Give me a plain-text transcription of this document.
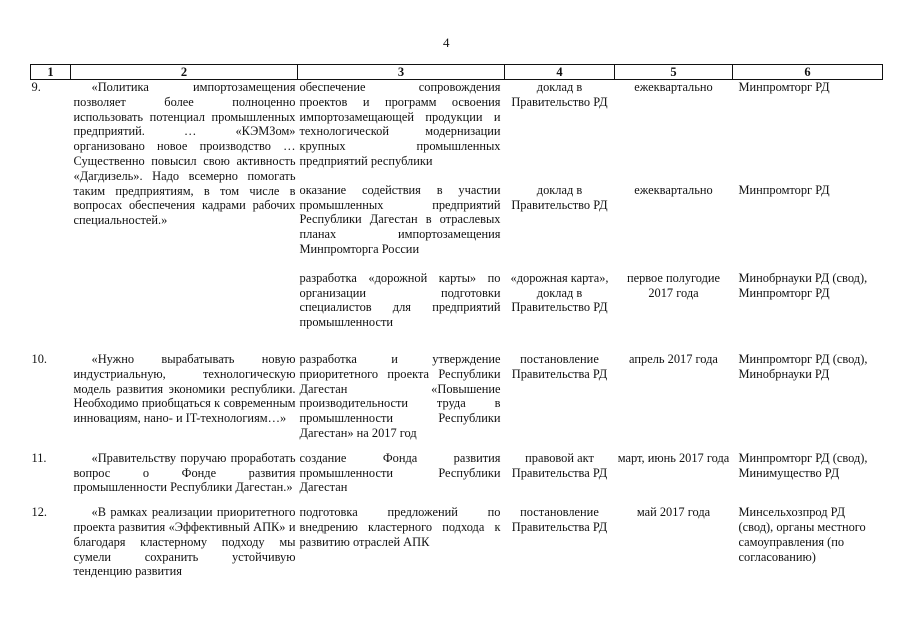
4
1	2	3	4	5	6
9.	«Политика импортозамещения позволяет более полноценно использовать потенциал промышленных предприятий. … «КЭМЗом» организовано новое производство … Существенно повысил свою активность «Дагдизель». Надо всемерно помогать таким предприятиям, в том числе в вопросах обеспечения кадрами рабочих специальностей.»	обеспечение сопровождения проектов и программ освоения импортозамещающей продукции и технологической модернизации крупных промышленных предприятий республики	доклад в Правительство РД	ежеквартально	Минпромторг РД
		оказание содействия в участии промышленных предприятий Республики Дагестан в отраслевых планах импортозамещения Минпромторга России	доклад в Правительство РД	ежеквартально	Минпромторг РД
		разработка «дорожной карты» по организации подготовки специалистов для предприятий промышленности	«дорожная карта», доклад в Правительство РД	первое полугодие 2017 года	Минобрнауки РД (свод), Минпромторг РД

10.	«Нужно вырабатывать новую индустриальную, технологическую модель развития экономики республики. Необходимо приобщаться к современным инновациям, нано- и IT-технологиям…»	разработка и утверждение приоритетного проекта Республики Дагестан «Повышение производительности труда в промышленности Республики Дагестан» на 2017 год	постановление Правительства РД	апрель 2017 года	Минпромторг РД (свод), Минобрнауки РД

11.	«Правительству поручаю проработать вопрос о Фонде развития промышленности Республики Дагестан.»	создание Фонда развития промышленности Республики Дагестан	правовой акт Правительства РД	март, июнь 2017 года	Минпромторг РД (свод), Минимущество РД

12.	«В рамках реализации приоритетного проекта развития «Эффективный АПК» и благодаря кластерному подходу мы сумели сохранить устойчивую тенденцию развития	подготовка предложений по внедрению кластерного подхода к развитию отраслей АПК	постановление Правительства РД	май 2017 года	Минсельхозпрод РД (свод), органы местного самоуправления (по согласованию)
